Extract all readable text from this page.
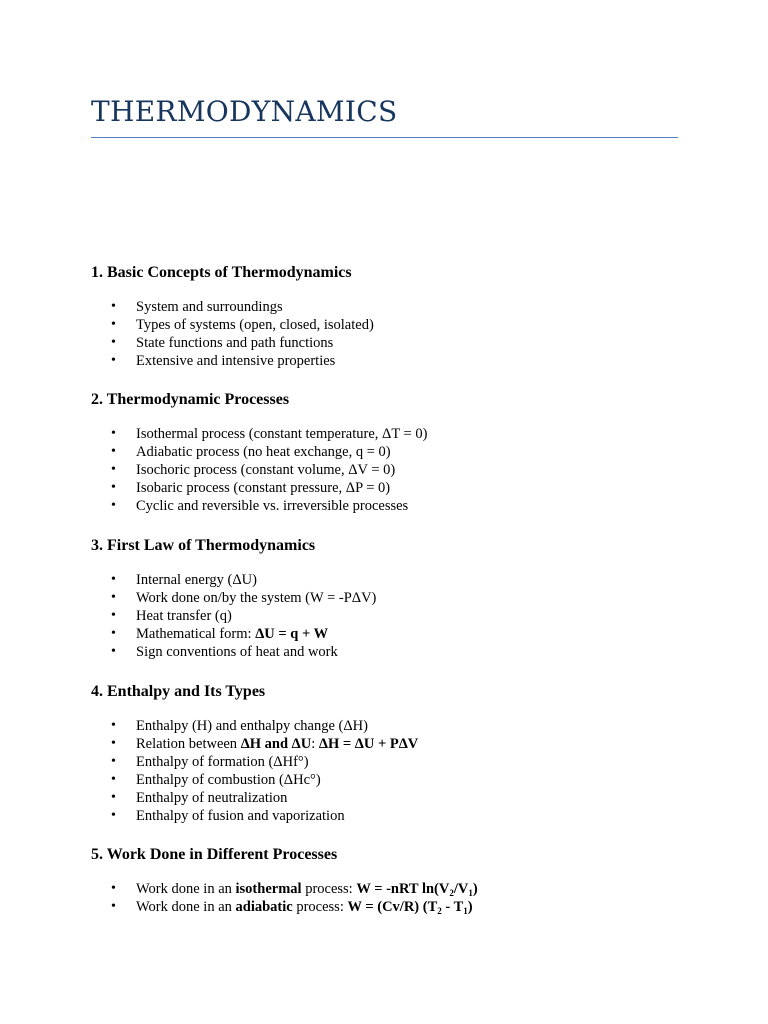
THERMODYNAMICS
1. Basic Concepts of Thermodynamics
• System and surroundings
• Types of systems (open, closed, isolated)
• State functions and path functions
• Extensive and intensive properties
2. Thermodynamic Processes
• Isothermal process (constant temperature, ΔT = 0)
• Adiabatic process (no heat exchange, q = 0)
• Isochoric process (constant volume, ΔV = 0)
• Isobaric process (constant pressure, ΔP = 0)
• Cyclic and reversible vs. irreversible processes
3. First Law of Thermodynamics
• Internal energy (ΔU)
• Work done on/by the system (W = -PΔV)
• Heat transfer (q)
• Mathematical form: ΔU = q + W
• Sign conventions of heat and work
4. Enthalpy and Its Types
• Enthalpy (H) and enthalpy change (ΔH)
• Relation between ΔH and ΔU: ΔH = ΔU + PΔV
• Enthalpy of formation (ΔHf°)
• Enthalpy of combustion (ΔHc°)
• Enthalpy of neutralization
• Enthalpy of fusion and vaporization
5. Work Done in Different Processes
• Work done in an isothermal process: W = -nRT $\ln(V_2/V_1)$
• Work done in an adiabatic process: W = (Cv/R) $(T_2 - T_1)$
